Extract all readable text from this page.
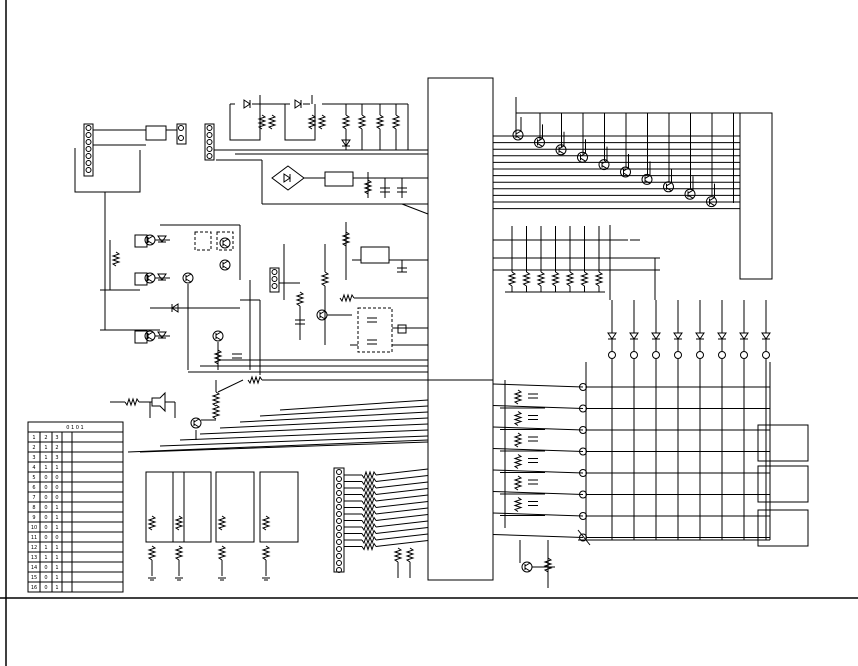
0 1 0 1
1 2 3
2 1 2
3 1 3
4 1 1
5 0 0
6 0 0
7 0 0
8 0 1
9 0 1
10 0 1
11 0 0
12 1 1
13 1 1
14 0 1
15 0 1
16 0 1
